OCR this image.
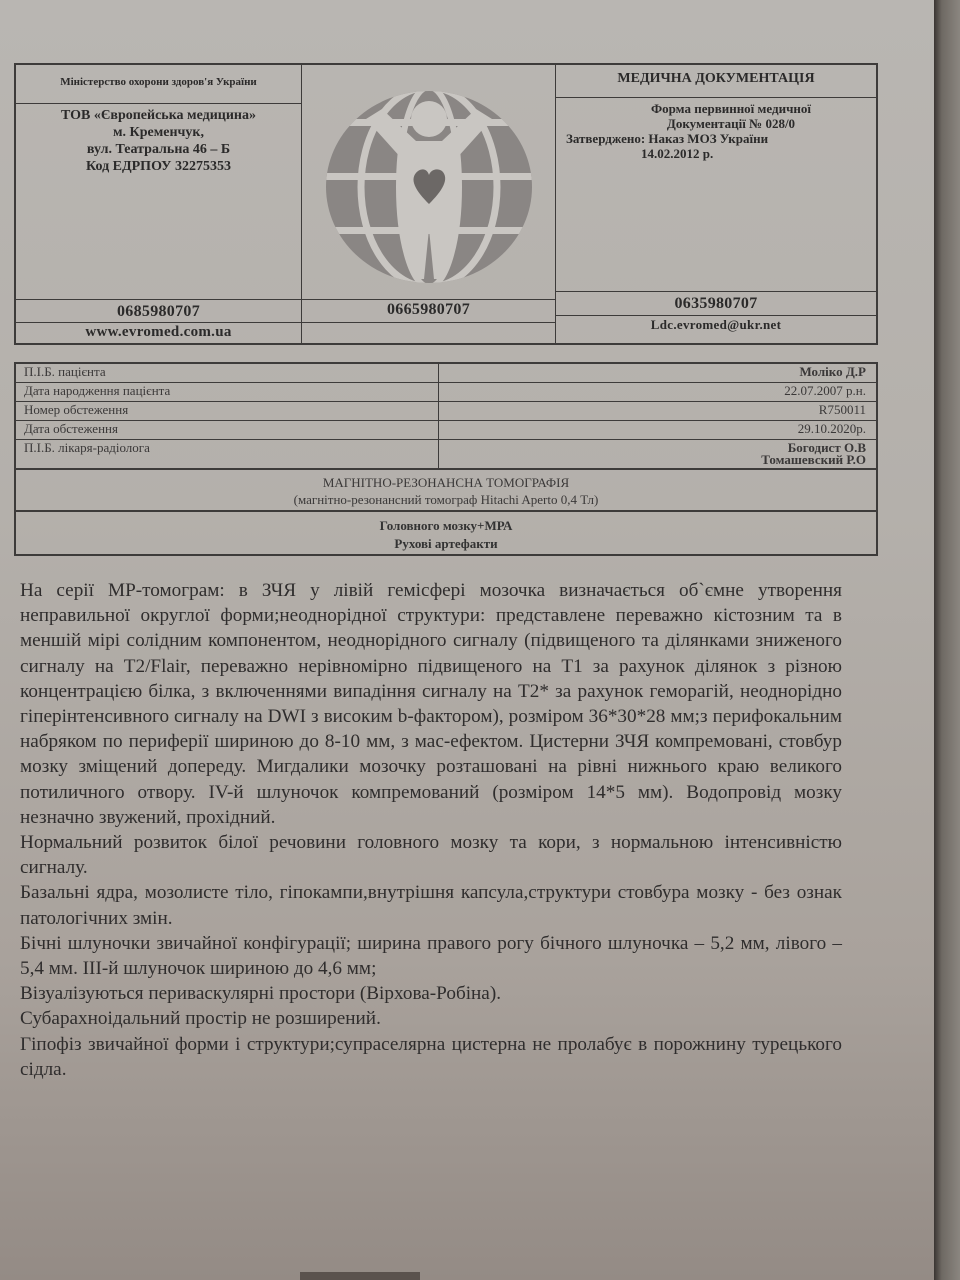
Міністерство охорони здоров'я України
ТОВ «Європейська медицина»
м. Кременчук,
вул. Театральна 46 – Б
Код ЕДРПОУ 32275353
0685980707
www.evromed.com.ua
0665980707
МЕДИЧНА ДОКУМЕНТАЦІЯ
Форма первинної медичної
Документації № 028/0
Затверджено: Наказ МОЗ України
14.02.2012 р.
0635980707
Ldc.evromed@ukr.net
П.І.Б. пацієнта	Моліко Д.Р
Дата народження пацієнта	22.07.2007 р.н.
Номер обстеження	R750011
Дата обстеження	29.10.2020р.
П.І.Б. лікаря-радіолога	Богодист О.В
Томашевский Р.О
МАГНІТНО-РЕЗОНАНСНА ТОМОГРАФІЯ
(магнітно-резонансний томограф Hitachi Aperto 0,4 Тл)
Головного мозку+МРА
Рухові артефакти

На серії МР-томограм: в ЗЧЯ у лівій гемісфері мозочка визначається об`ємне утворення неправильної округлої форми;неоднорідної структури: представлене переважно кістозним та в меншій мірі солідним компонентом, неоднорідного сигналу (підвищеного та ділянками зниженого сигналу на T2/Flair, переважно нерівномірно підвищеного на T1 за рахунок ділянок з різною концентрацією білка, з включеннями випадіння сигналу на T2* за рахунок геморагій, неоднорідно гіперінтенсивного сигналу на DWI з високим b-фактором), розміром 36*30*28 мм;з перифокальним набряком по периферії шириною до 8-10 мм, з мас-ефектом. Цистерни ЗЧЯ компремовані, стовбур мозку зміщений допереду. Мигдалики мозочку розташовані на рівні нижнього краю великого потиличного отвору. IV-й шлуночок компремований (розміром 14*5 мм). Водопровід мозку незначно звужений, прохідний.

Нормальний розвиток білої речовини головного мозку та кори, з нормальною інтенсивністю сигналу.

Базальні ядра, мозолисте тіло, гіпокампи,внутрішня капсула,структури стовбура мозку - без ознак патологічних змін.

Бічні шлуночки звичайної конфігурації; ширина правого рогу бічного шлуночка – 5,2 мм, лівого – 5,4 мм. ІІІ-й шлуночок шириною до 4,6 мм;

Візуалізуються периваскулярні простори (Вірхова-Робіна).

Субарахноідальний простір не розширений.

Гіпофіз звичайної форми і структури;супраселярна цистерна не пролабує в порожнину турецького сідла.
